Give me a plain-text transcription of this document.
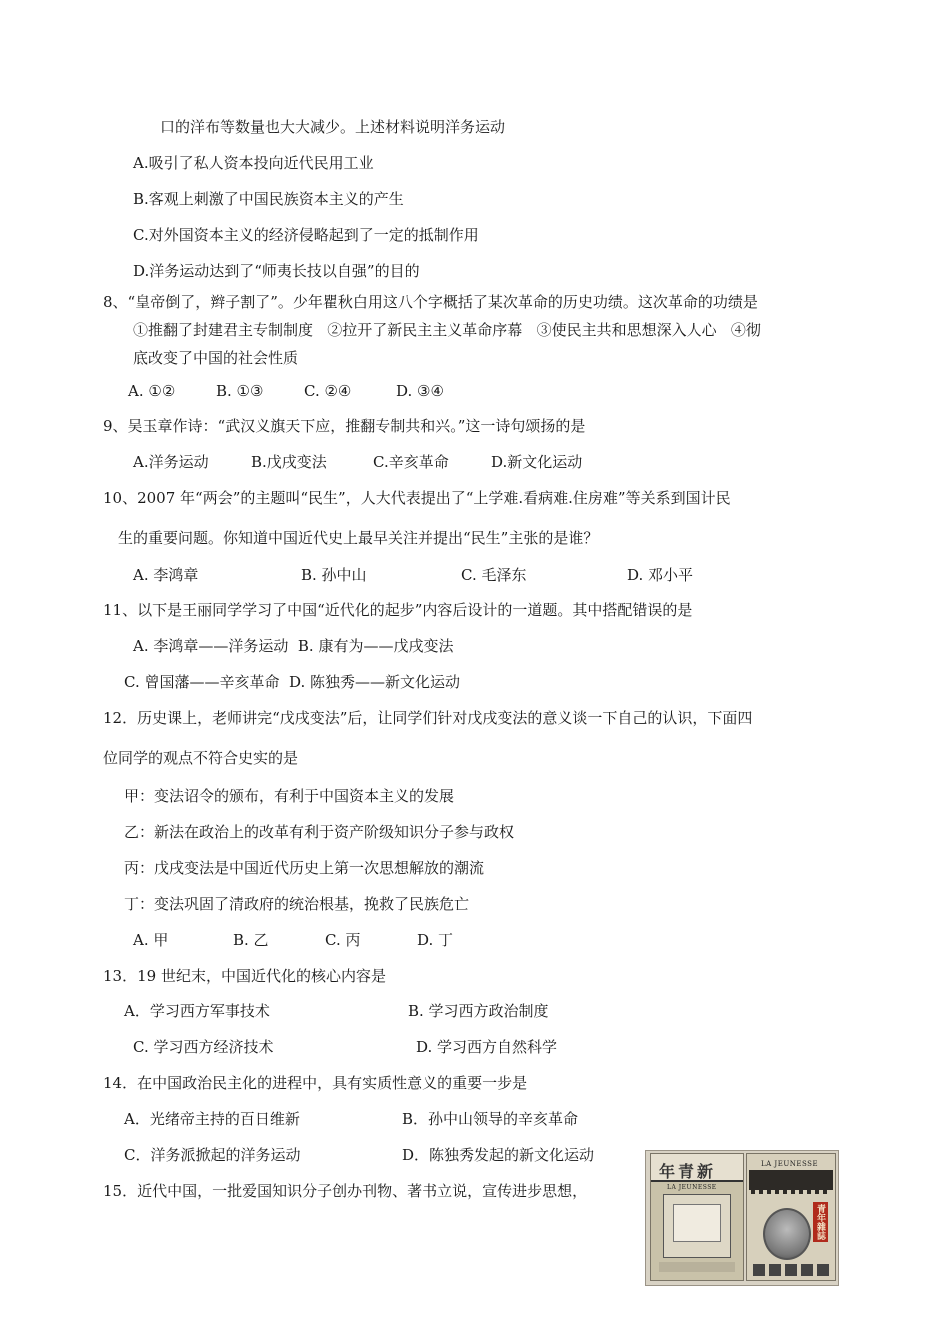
口的洋布等数量也大大减少。上述材料说明洋务运动
A.吸引了私人资本投向近代民用工业
B.客观上刺激了中国民族资本主义的产生
C.对外国资本主义的经济侵略起到了一定的抵制作用
D.洋务运动达到了“师夷长技以自强”的目的
8、“皇帝倒了，辫子割了”。少年瞿秋白用这八个字概括了某次革命的历史功绩。这次革命的功绩是
①推翻了封建君主专制制度   ②拉开了新民主主义革命序幕   ③使民主共和思想深入人心   ④彻
底改变了中国的社会性质
A. ①②	B. ①③	C. ②④	D. ③④
9、吴玉章作诗：“武汉义旗天下应，推翻专制共和兴。”这一诗句颂扬的是
A.洋务运动	B.戊戌变法	C.辛亥革命	D.新文化运动
10、2007 年“两会”的主题叫“民生”，人大代表提出了“上学难.看病难.住房难”等关系到国计民
生的重要问题。你知道中国近代史上最早关注并提出“民生”主张的是谁？
A. 李鸿章	B. 孙中山	C. 毛泽东	D. 邓小平
11、以下是王丽同学学习了中国“近代化的起步”内容后设计的一道题。其中搭配错误的是
A. 李鸿章——洋务运动  B. 康有为——戊戌变法
C. 曾国藩——辛亥革命  D. 陈独秀——新文化运动
12．历史课上，老师讲完“戊戌变法”后，让同学们针对戊戌变法的意义谈一下自己的认识，下面四
位同学的观点不符合史实的是
甲：变法诏令的颁布，有利于中国资本主义的发展
乙：新法在政治上的改革有利于资产阶级知识分子参与政权
丙：戊戌变法是中国近代历史上第一次思想解放的潮流
丁：变法巩固了清政府的统治根基，挽救了民族危亡
A. 甲	B. 乙	C. 丙	D. 丁
13．19 世纪末，中国近代化的核心内容是
A．学习西方军事技术	B. 学习西方政治制度
C. 学习西方经济技术	D. 学习西方自然科学
14．在中国政治民主化的进程中，具有实质性意义的重要一步是
A．光绪帝主持的百日维新	B．孙中山领导的辛亥革命
C．洋务派掀起的洋务运动	D．陈独秀发起的新文化运动
15．近代中国，一批爱国知识分子创办刊物、著书立说，宣传进步思想，
年青新
LA JEUNESSE
LA JEUNESSE
青年雜誌
